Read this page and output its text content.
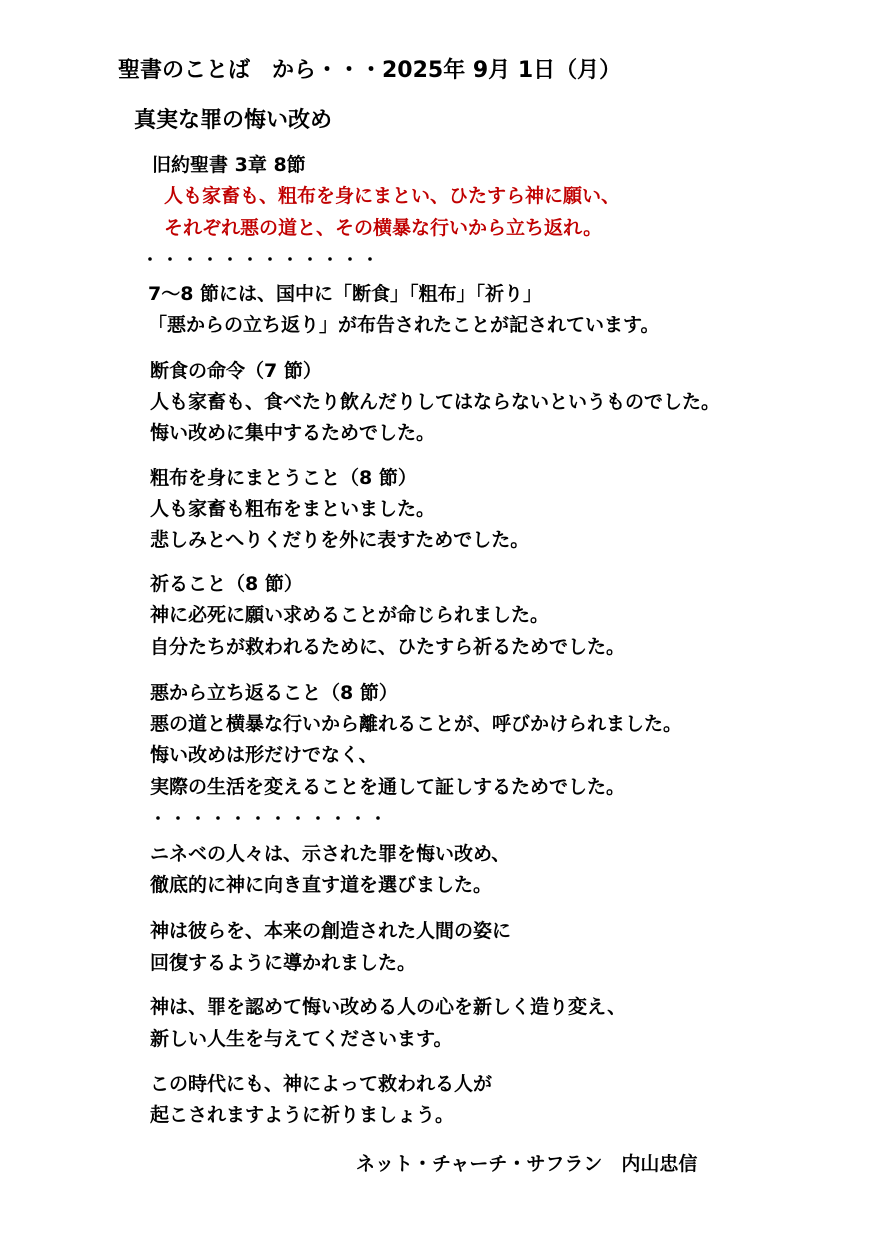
聖書のことば　から・・・2025年 9月 1日（月）
真実な罪の悔い改め
旧約聖書 3章 8節
人も家畜も、粗布を身にまとい、ひたすら神に願い、
それぞれ悪の道と、その横暴な行いから立ち返れ。
・・・・・・・・・・・・
7～8 節には、国中に「断食」「粗布」「祈り」
「悪からの立ち返り」が布告されたことが記されています。
断食の命令（7 節）
人も家畜も、食べたり飲んだりしてはならないというものでした。
悔い改めに集中するためでした。
粗布を身にまとうこと（8 節）
人も家畜も粗布をまといました。
悲しみとへりくだりを外に表すためでした。
祈ること（8 節）
神に必死に願い求めることが命じられました。
自分たちが救われるために、ひたすら祈るためでした。
悪から立ち返ること（8 節）
悪の道と横暴な行いから離れることが、呼びかけられました。
悔い改めは形だけでなく、
実際の生活を変えることを通して証しするためでした。
・・・・・・・・・・・・
ニネベの人々は、示された罪を悔い改め、
徹底的に神に向き直す道を選びました。
神は彼らを、本来の創造された人間の姿に
回復するように導かれました。
神は、罪を認めて悔い改める人の心を新しく造り変え、
新しい人生を与えてくださいます。
この時代にも、神によって救われる人が
起こされますように祈りましょう。
ネット・チャーチ・サフラン　内山忠信
